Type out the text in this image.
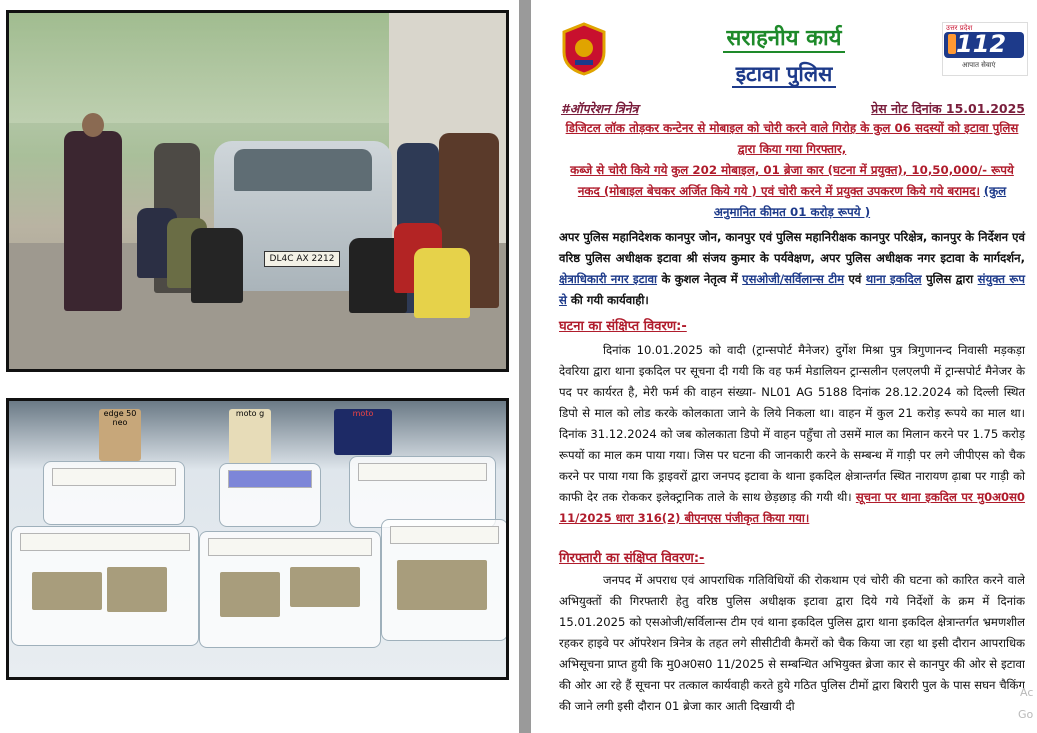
DL4C AX 2212
edge 50 neo
moto g	moto
सराहनीय कार्य
इटावा पुलिस
उत्तर प्रदेश
112
आपात सेवाएं
#ऑपरेशन त्रिनेत्र	प्रेस नोट दिनांक 15.01.2025
डिजिटल लॉक तोड़कर कन्टेनर से मोबाइल को चोरी करने वाले गिरोह के कुल 06 सदस्यों को इटावा पुलिस द्वारा किया गया गिरफ्तार,
कब्जे से चोरी किये गये कुल 202 मोबाइल, 01 ब्रेजा कार (घटना में प्रयुक्त), 10,50,000/- रूपये नकद (मोबाइल बेचकर अर्जित किये गये ) एवं चोरी करने में प्रयुक्त उपकरण किये गये बरामद। (कुल अनुमानित कीमत 01 करोड़ रूपये )
अपर पुलिस महानिदेशक कानपुर जोन, कानपुर एवं पुलिस महानिरीक्षक कानपुर परिक्षेत्र, कानपुर के निर्देशन एवं वरिष्ठ पुलिस अधीक्षक इटावा श्री संजय कुमार के पर्यवेक्षण, अपर पुलिस अधीक्षक नगर इटावा के मार्गदर्शन, क्षेत्राधिकारी नगर इटावा के कुशल नेतृत्व में एसओजी/सर्विलान्स टीम एवं थाना इकदिल पुलिस द्वारा संयुक्त रूप से की गयी कार्यवाही।
घटना का संक्षिप्त विवरण:-
दिनांक 10.01.2025 को वादी (ट्रान्सपोर्ट मैनेजर) दुर्गेश मिश्रा पुत्र त्रिगुणानन्द निवासी मड़कड़ा देवरिया द्वारा थाना इकदिल पर सूचना दी गयी कि वह फर्म मेडालियन ट्रान्सलीन एलएलपी में ट्रान्सपोर्ट मैनेजर के पद पर कार्यरत है, मेरी फर्म की वाहन संख्या- NL01 AG 5188 दिनांक 28.12.2024 को दिल्ली स्थित डिपो से माल को लोड करके कोलकाता जाने के लिये निकला था। वाहन में कुल 21 करोड़ रूपये का माल था। दिनांक 31.12.2024 को जब कोलकाता डिपो में वाहन पहुँचा तो उसमें माल का मिलान करने पर 1.75 करोड़ रूपयों का माल कम पाया गया। जिस पर घटना की जानकारी करने के सम्बन्ध में गाड़ी पर लगे जीपीएस को चैक करने पर पाया गया कि ड्राइवरों द्वारा जनपद इटावा के थाना इकदिल क्षेत्रान्तर्गत स्थित नारायण ढ़ाबा पर गाड़ी को काफी देर तक रोककर इलेक्ट्रानिक ताले के साथ छेड़छाड़ की गयी थी। सूचना पर थाना इकदिल पर मु0अ0स0 11/2025 धारा 316(2) बीएनएस पंजीकृत किया गया।
गिरफ्तारी का संक्षिप्त विवरण:-
जनपद में अपराध एवं आपराधिक गतिविधियों की रोकथाम एवं चोरी की घटना को कारित करने वाले अभियुक्तों की गिरफ्तारी हेतु वरिष्ठ पुलिस अधीक्षक इटावा द्वारा दिये गये निर्देशों के क्रम में दिनांक 15.01.2025 को एसओजी/सर्विलान्स टीम एवं थाना इकदिल पुलिस द्वारा थाना इकदिल क्षेत्रान्तर्गत भ्रमणशील रहकर हाइवे पर ऑपरेशन त्रिनेत्र के तहत लगे सीसीटीवी कैमरों को चैक किया जा रहा था इसी दौरान आपराधिक अभिसूचना प्राप्त हुयी कि मु0अ0स0 11/2025 से सम्बन्धित अभियुक्त ब्रेजा कार से कानपुर की ओर से इटावा की ओर आ रहे हैं सूचना पर तत्काल कार्यवाही करते हुये गठित पुलिस टीमों द्वारा बिरारी पुल के पास सघन चैकिंग की जाने लगी इसी दौरान 01 ब्रेजा कार आती दिखायी दी
Ac
Go
